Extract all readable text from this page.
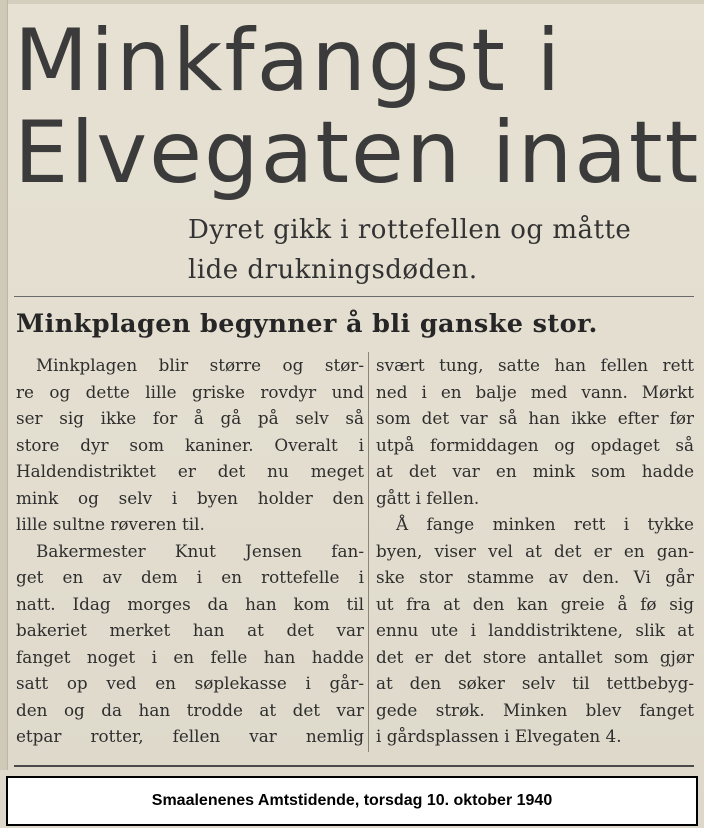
Minkfangst i
Elvegaten inatt
Dyret gikk i rottefellen og måtte
lide drukningsdøden.
Minkplagen begynner å bli ganske stor.
Minkplagen blir større og stør-
re og dette lille griske rovdyr und
ser sig ikke for å gå på selv så
store dyr som kaniner. Overalt i
Haldendistriktet er det nu meget
mink og selv i byen holder den
lille sultne røveren til.
Bakermester Knut Jensen fan-
get en av dem i en rottefelle i
natt. Idag morges da han kom til
bakeriet merket han at det var
fanget noget i en felle han hadde
satt op ved en søplekasse i går-
den og da han trodde at det var
etpar rotter, fellen var nemlig
svært tung, satte han fellen rett
ned i en balje med vann. Mørkt
som det var så han ikke efter før
utpå formiddagen og opdaget så
at det var en mink som hadde
gått i fellen.
Å fange minken rett i tykke
byen, viser vel at det er en gan-
ske stor stamme av den. Vi går
ut fra at den kan greie å fø sig
ennu ute i landdistriktene, slik at
det er det store antallet som gjør
at den søker selv til tettbebyg-
gede strøk. Minken blev fanget
i gårdsplassen i Elvegaten 4.
Smaalenenes Amtstidende, torsdag 10. oktober 1940
